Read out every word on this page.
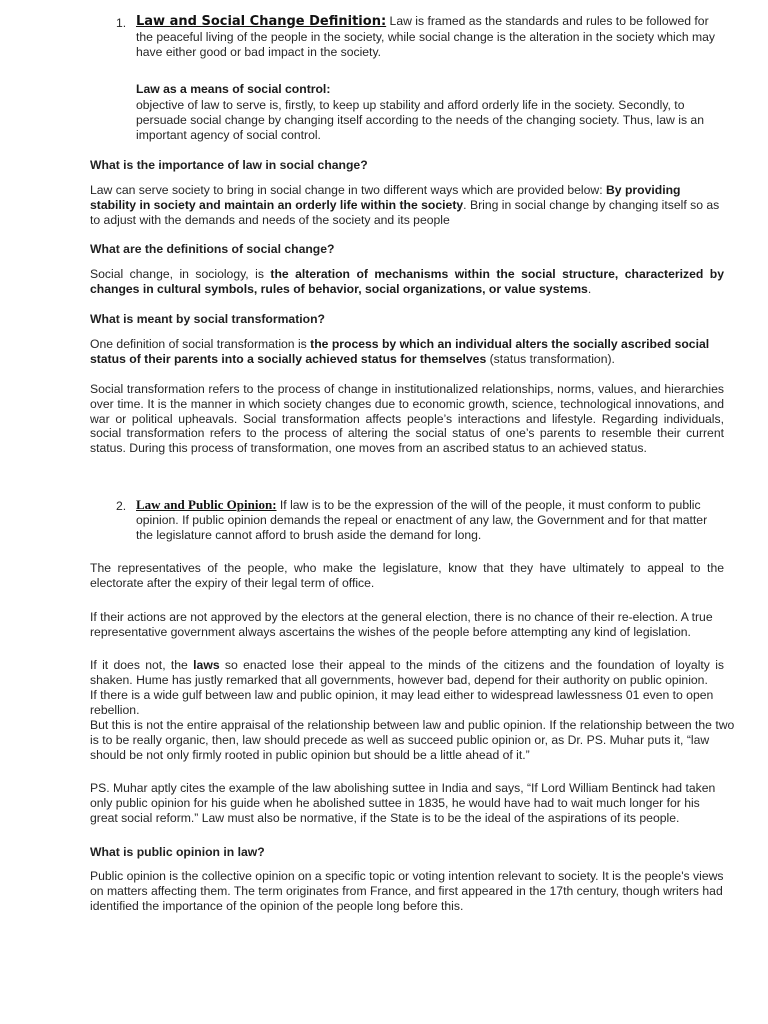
1. Law and Social Change Definition: Law is framed as the standards and rules to be followed for the peaceful living of the people in the society, while social change is the alteration in the society which may have either good or bad impact in the society.

Law as a means of social control:

objective of law to serve is, firstly, to keep up stability and afford orderly life in the society. Secondly, to persuade social change by changing itself according to the needs of the changing society. Thus, law is an important agency of social control.

What is the importance of law in social change?

Law can serve society to bring in social change in two different ways which are provided below: By providing stability in society and maintain an orderly life within the society. Bring in social change by changing itself so as to adjust with the demands and needs of the society and its people

What are the definitions of social change?

Social change, in sociology, is the alteration of mechanisms within the social structure, characterized by changes in cultural symbols, rules of behavior, social organizations, or value systems.

What is meant by social transformation?

One definition of social transformation is the process by which an individual alters the socially ascribed social status of their parents into a socially achieved status for themselves (status transformation).

Social transformation refers to the process of change in institutionalized relationships, norms, values, and hierarchies over time. It is the manner in which society changes due to economic growth, science, technological innovations, and war or political upheavals. Social transformation affects people’s interactions and lifestyle. Regarding individuals, social transformation refers to the process of altering the social status of one’s parents to resemble their current status. During this process of transformation, one moves from an ascribed status to an achieved status.

2. Law and Public Opinion: If law is to be the expression of the will of the people, it must conform to public opinion. If public opinion demands the repeal or enactment of any law, the Government and for that matter the legislature cannot afford to brush aside the demand for long.

The representatives of the people, who make the legislature, know that they have ultimately to appeal to the electorate after the expiry of their legal term of office.

If their actions are not approved by the electors at the general election, there is no chance of their re-election. A true representative government always ascertains the wishes of the people before attempting any kind of legislation.

If it does not, the laws so enacted lose their appeal to the minds of the citizens and the foundation of loyalty is shaken. Hume has justly remarked that all governments, however bad, depend for their authority on public opinion.

If there is a wide gulf between law and public opinion, it may lead either to widespread lawlessness 01 even to open rebellion.

But this is not the entire appraisal of the relationship between law and public opinion. If the relationship between the two is to be really organic, then, law should precede as well as succeed public opinion or, as Dr. PS. Muhar puts it, “law should be not only firmly rooted in public opinion but should be a little ahead of it.”

PS. Muhar aptly cites the example of the law abolishing suttee in India and says, “If Lord William Bentinck had taken only public opinion for his guide when he abolished suttee in 1835, he would have had to wait much longer for his great social reform.” Law must also be normative, if the State is to be the ideal of the aspirations of its people.

What is public opinion in law?

Public opinion is the collective opinion on a specific topic or voting intention relevant to society. It is the people's views on matters affecting them. The term originates from France, and first appeared in the 17th century, though writers had identified the importance of the opinion of the people long before this.
